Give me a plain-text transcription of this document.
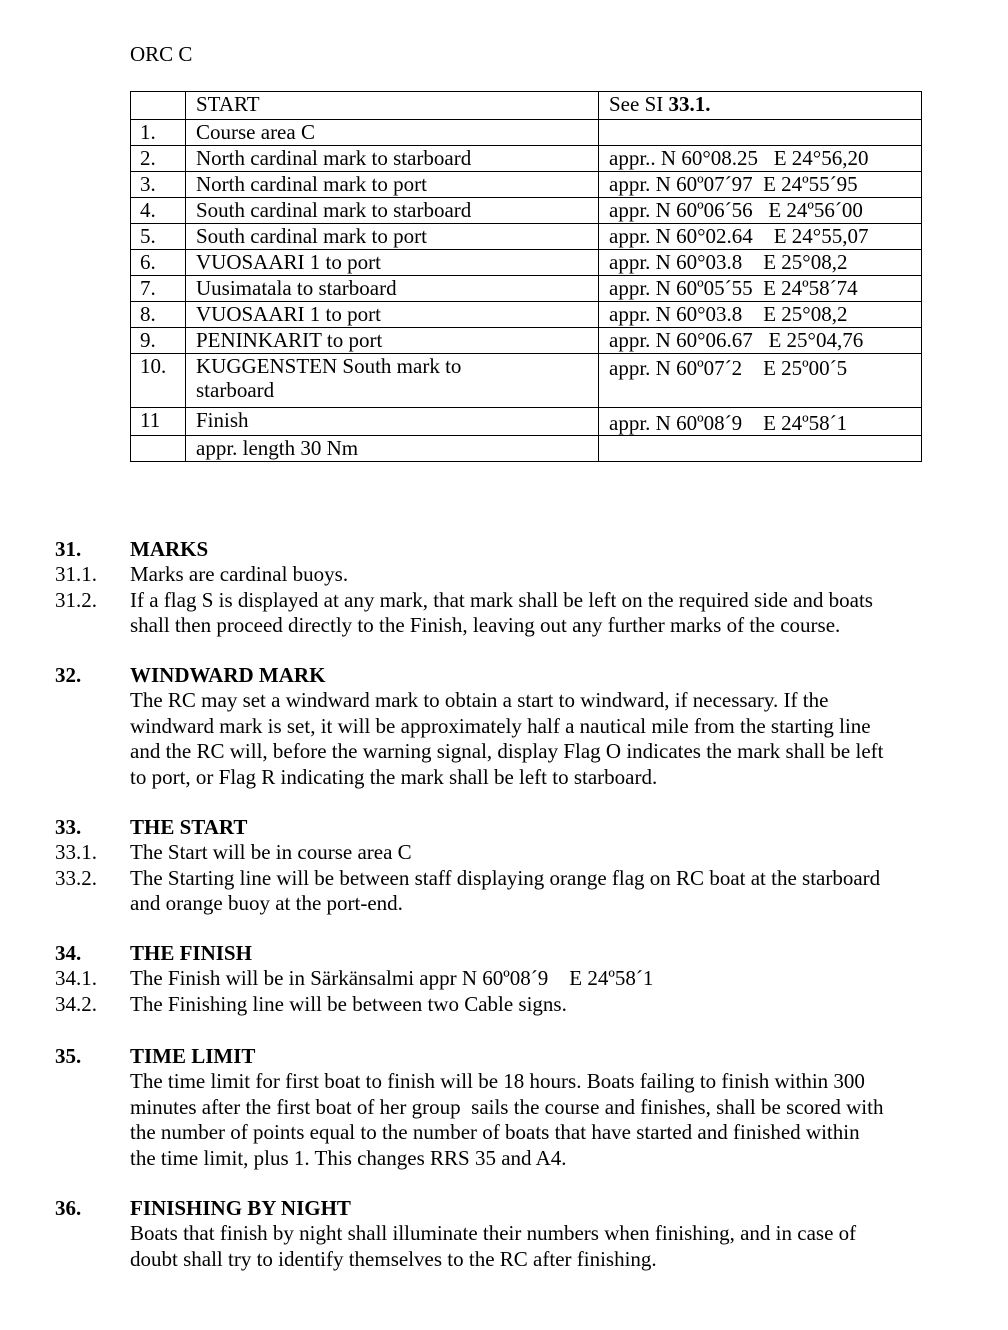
ORC C
	START	See SI 33.1.
1.	Course area C	
2.	North cardinal mark to starboard	appr.. N 60°08.25   E 24°56,20
3.	North cardinal mark to port	appr. N 60º07´97  E 24º55´95
4.	South cardinal mark to starboard	appr. N 60º06´56   E 24º56´00
5.	South cardinal mark to port	appr. N 60°02.64    E 24°55,07
6.	VUOSAARI 1 to port	appr. N 60°03.8    E 25°08,2
7.	Uusimatala to starboard	appr. N 60º05´55  E 24º58´74
8.	VUOSAARI 1 to port	appr. N 60°03.8    E 25°08,2
9.	PENINKARIT to port	appr. N 60°06.67   E 25°04,76
10.	KUGGENSTEN South mark to starboard	appr. N 60º07´2    E 25º00´5
11	Finish	appr. N 60º08´9    E 24º58´1
	appr. length 30 Nm	
31. MARKS
31.1. Marks are cardinal buoys.
31.2. If a flag S is displayed at any mark, that mark shall be left on the required side and boats
shall then proceed directly to the Finish, leaving out any further marks of the course.
32. WINDWARD MARK
The RC may set a windward mark to obtain a start to windward, if necessary. If the
windward mark is set, it will be approximately half a nautical mile from the starting line
and the RC will, before the warning signal, display Flag O indicates the mark shall be left
to port, or Flag R indicating the mark shall be left to starboard.
33. THE START
33.1. The Start will be in course area C
33.2. The Starting line will be between staff displaying orange flag on RC boat at the starboard
and orange buoy at the port-end.
34. THE FINISH
34.1. The Finish will be in Särkänsalmi appr N 60º08´9    E 24º58´1
34.2. The Finishing line will be between two Cable signs.
35. TIME LIMIT
The time limit for first boat to finish will be 18 hours. Boats failing to finish within 300
minutes after the first boat of her group  sails the course and finishes, shall be scored with
the number of points equal to the number of boats that have started and finished within
the time limit, plus 1. This changes RRS 35 and A4.
36. FINISHING BY NIGHT
Boats that finish by night shall illuminate their numbers when finishing, and in case of
doubt shall try to identify themselves to the RC after finishing.
